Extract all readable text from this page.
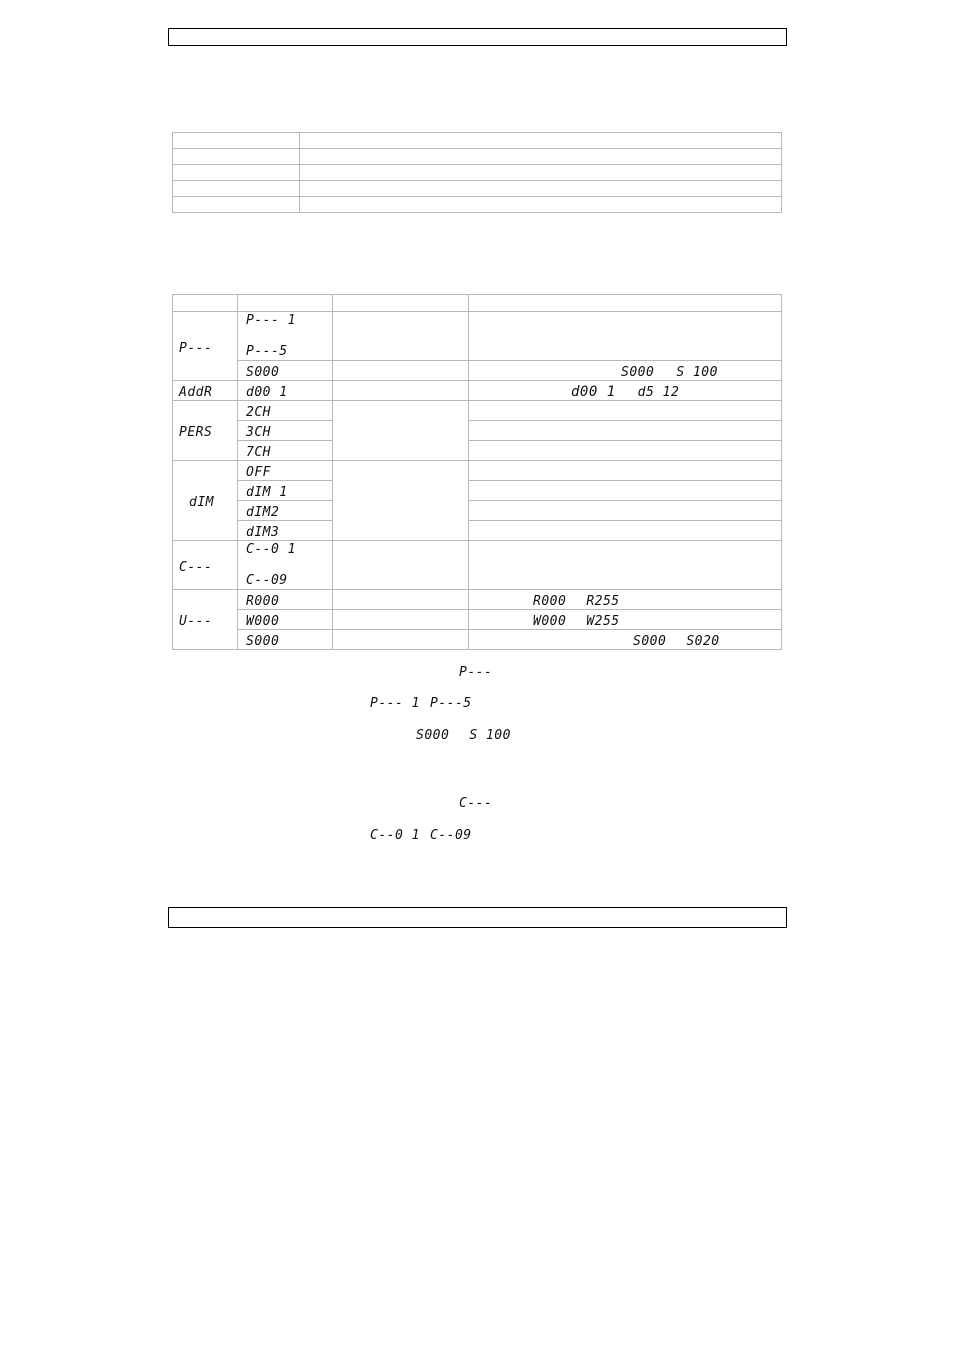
P---	P--- 1
P---5		

	S000		S000 S 100
AddR	d00 1		d00 1 d5 12
PERS	2CH		
	3CH		
	7CH		
dIM	OFF		
	dIM 1		
	dIM2		
	dIM3		
C---	C--0 1
C--09		

U---	R000		R000 R255
	W000		W000 W255
	S000		S000 S020
P---
P--- 1 P---5
S000 S 100
C---
C--0 1 C--09
